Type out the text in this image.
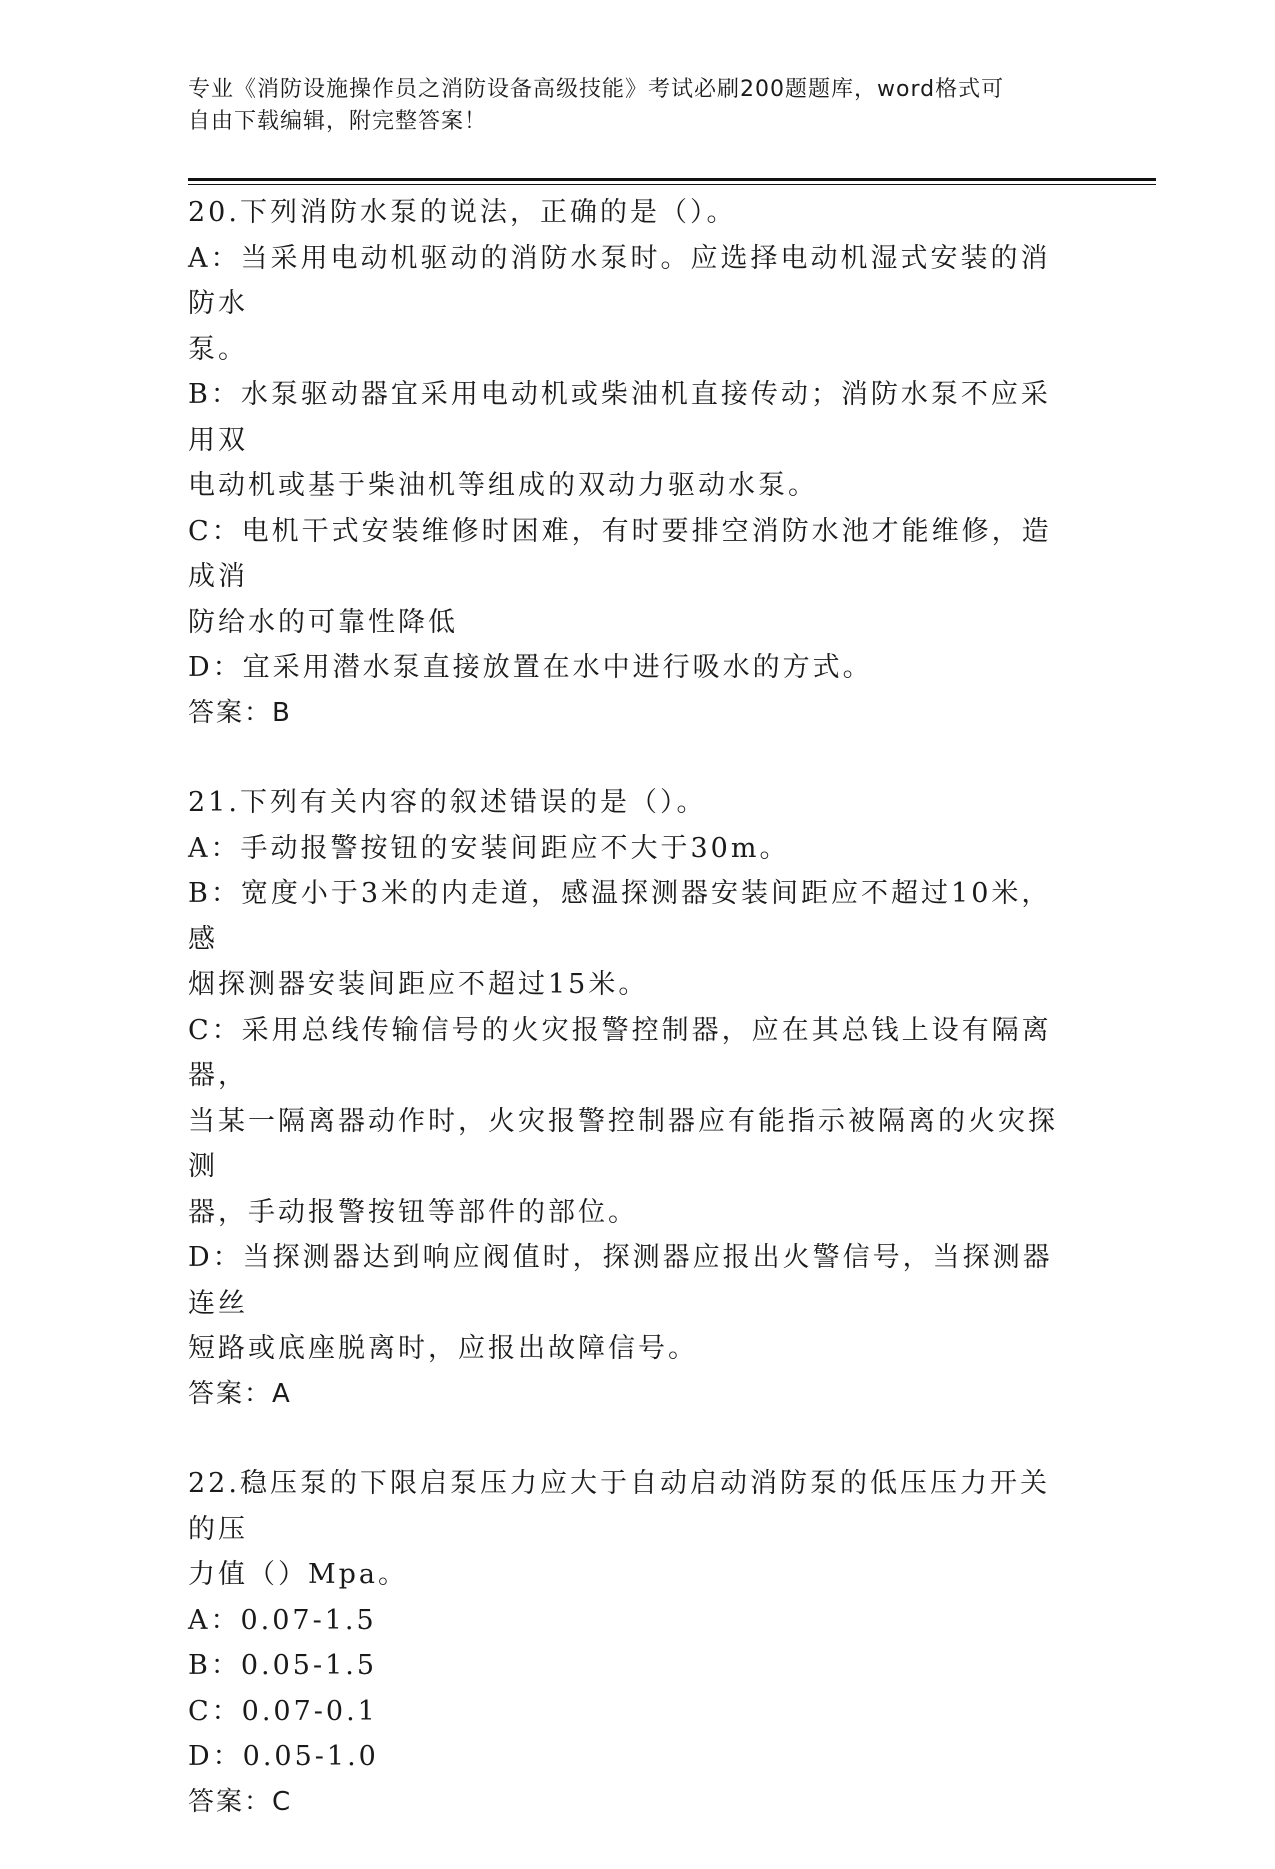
专业《消防设施操作员之消防设备高级技能》考试必刷200题题库，word格式可
自由下载编辑，附完整答案！

20.下列消防水泵的说法，正确的是（）。

A：当采用电动机驱动的消防水泵时。应选择电动机湿式安装的消防水

泵。

B：水泵驱动器宜采用电动机或柴油机直接传动；消防水泵不应采用双

电动机或基于柴油机等组成的双动力驱动水泵。

C：电机干式安装维修时困难，有时要排空消防水池才能维修，造成消

防给水的可靠性降低

D：宜采用潜水泵直接放置在水中进行吸水的方式。

答案：B

21.下列有关内容的叙述错误的是（）。

A：手动报警按钮的安装间距应不大于30m。

B：宽度小于3米的内走道，感温探测器安装间距应不超过10米，感

烟探测器安装间距应不超过15米。

C：采用总线传输信号的火灾报警控制器，应在其总钱上设有隔离器，

当某一隔离器动作时，火灾报警控制器应有能指示被隔离的火灾探测

器，手动报警按钮等部件的部位。

D：当探测器达到响应阀值时，探测器应报出火警信号，当探测器连丝

短路或底座脱离时，应报出故障信号。

答案：A

22.稳压泵的下限启泵压力应大于自动启动消防泵的低压压力开关的压

力值（）Mpa。

A：0.07-1.5

B：0.05-1.5

C：0.07-0.1

D：0.05-1.0

答案：C
